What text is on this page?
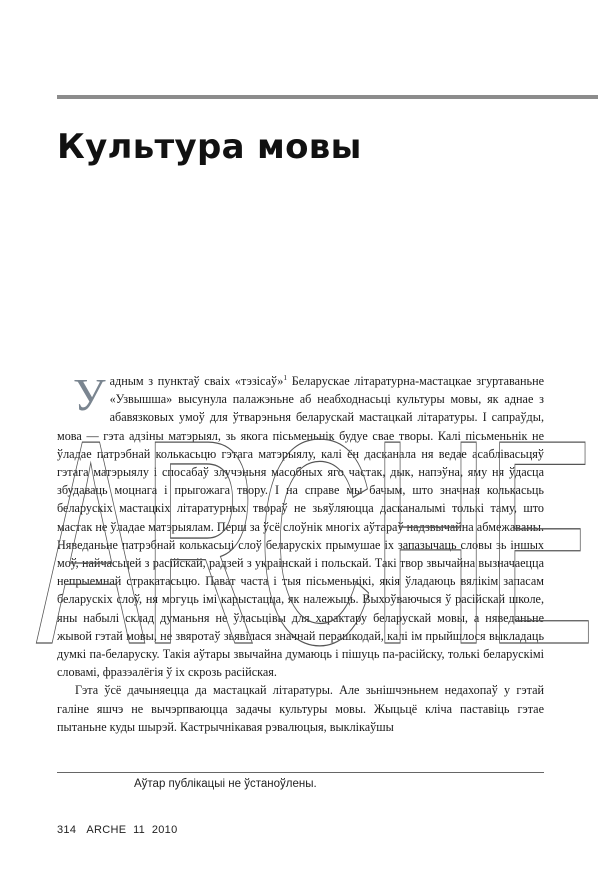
Культура мовы
ARCHE

У адным з пунктаў сваіх «тэзісаў»$^1$ Беларускае літаратурна-мастацкае згуртаваньне «Узвышша» высунула палажэньне аб неабходнасьці культуры мовы, як аднае з абавязковых умоў для ўтварэньня беларускай мастацкай літаратуры. І сапраўды, мова — гэта адзіны матэрыял, зь якога пісьменьнік будуе свае творы. Калі пісьменьнік не ўладае патрэбнай колькасьцю гэтага матэрыялу, калі ён дасканала ня ведае асаблівасьцяў гэтага матэрыялу і спосабаў злучэньня масобных яго частак, дык, напэўна, яму ня ўдасца збудаваць моцнага і прыгожага твору. І на справе мы бачым, што значная колькасьць беларускіх мастацкіх літаратурных твораў не зьяўляюцца дасканалымі толькі таму, што мастак не ўладае матэрыялам. Перш за ўсё слоўнік многіх аўтараў надзвычайна абмежаваны. Няведаньне патрэбнай колькасьці слоў беларускіх прымушае іх запазычаць словы зь іншых моў, найчасьцей з расійскай, радзей з украінскай і польскай. Такі твор звычайна вызначаецца непрыемнай стракатасьцю. Пават часта і тыя пісьменьнікі, якія ўладаюць вялікім запасам беларускіх слоў, ня могуць імі карыстацца, як належыць. Выхоўваючыся ў расійскай школе, яны набылі склад думаньня не ўласьцівы для характару беларускай мовы, а няведаньне жывой гэтай мовы, не звяротаў зьявілася значнай перашкодай, калі ім прыйшлося выкладаць думкі па-беларуску. Такія аўтары звычайна думаюць і пішуць па-расійску, толькі беларускімі словамі, фразэалёгія ў іх скрозь расійская.

Гэта ўсё дачыняецца да мастацкай літаратуры. Але зьнішчэньнем недахопаў у гэтай галіне яшчэ не вычэрпваюцца задачы культуры мовы. Жыцьцё кліча паставіць гэтае пытаньне куды шырэй. Кастрычнікавая рэвалюцыя, выклікаўшы

Аўтар публікацыі не ўстаноўлены.

314 ARCHE 11 2010
